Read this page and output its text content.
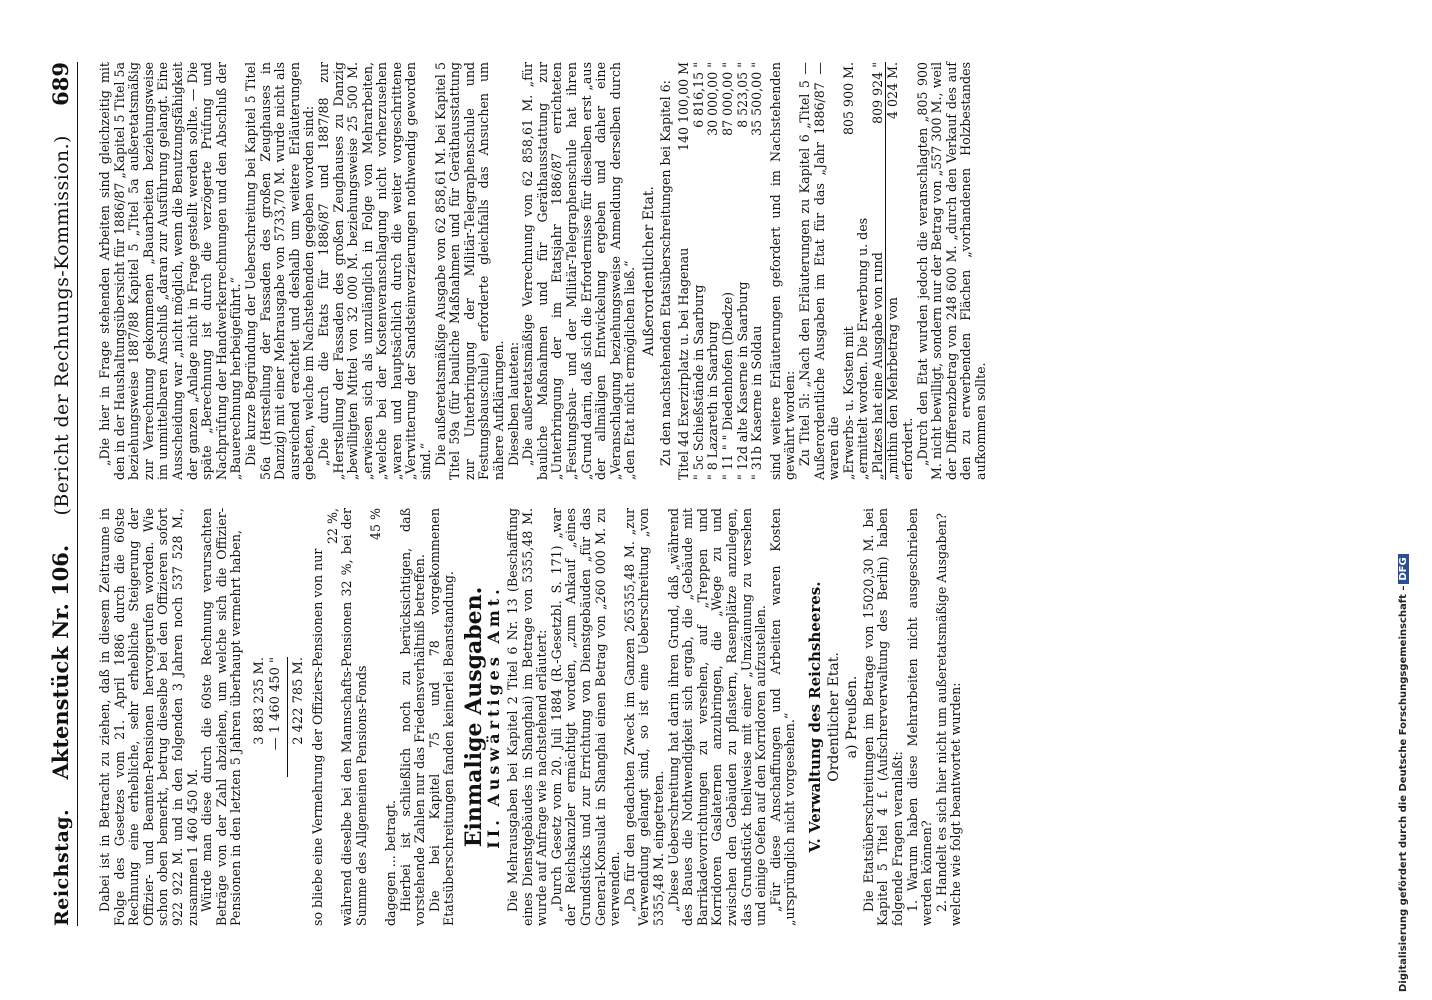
Reichstag.
Aktenstück Nr. 106.
(Bericht der Rechnungs-Kommission.)
689

Dabei ist in Betracht zu ziehen, daß in diesem Zeitraume in Folge des Gesetzes vom 21. April 1886 durch die 60ste Rechnung eine erhebliche, sehr erhebliche Steigerung der Offizier- und Beamten-Pensionen hervorgerufen worden. Wie schon oben bemerkt, betrug dieselbe bei den Offizieren sofort 922 922 M. und in den folgenden 3 Jahren noch 537 528 M., zusammen 1 460 450 M. Würde man diese durch die 60ste Rechnung verursachten Beträge von der Zahl abziehen, um welche sich die Offizier-Pensionen in den letzten 5 Jahren überhaupt vermehrt haben, 3 883 235 M. — 1 460 450 " 2 422 785 M. so bliebe eine Vermehrung der Offiziers-Pensionen von nur

22 %, während dieselbe bei den Mannschafts-Pensionen 32 %, bei der Summe des Allgemeinen Pensions-Fonds

45 %

dagegen ... betragt. Hierbei ist schließlich noch zu berücksichtigen, daß vorstehende Zahlen nur das Friedensverhältniß betreffen. Die bei Kapitel 75 und 78 vorgekommenen Etatsüberschreitungen fanden keinerlei Beanstandung. Einmalige Ausgaben.
II. Auswärtiges Amt. Die Mehrausgaben bei Kapitel 2 Titel 6 Nr. 13 (Beschaffung eines Dienstgebäudes in Shanghai) im Betrage von 5355,48 M. wurde auf Anfrage wie nachstehend erläutert: „Durch Gesetz vom 20. Juli 1884 (R.-Gesetzbl. S. 171) „war der Reichskanzler ermächtigt worden, „zum Ankauf „eines Grundstücks und zur Errichtung von Dienstgebäuden „für das General-Konsulat in Shanghai einen Betrag von „260 000 M. zu verwenden. „Da für den gedachten Zweck im Ganzen 265355,48 M. „zur Verwendung gelangt sind, so ist eine Ueberschreitung „von 5355,48 M. eingetreten. „Diese Ueberschreitung hat darin ihren Grund, daß „während des Baues die Nothwendigkeit sich ergab, die „Gebäude mit Barrikadevorrichtungen zu versehen, auf „Treppen und Korridoren Gaslaternen anzubringen, die „Wege zu und zwischen den Gebäuden zu pflastern, Rasenplätze anzulegen, das Grundstück theilweise mit einer „Umzäunung zu versehen und einige Oefen auf den Korridoren aufzustellen. „Für diese Anschaffungen und Arbeiten waren Kosten „ursprünglich nicht vorgesehen.“ V. Verwaltung des Reichsheeres. Ordentlicher Etat. a) Preußen. Die Etatsüberschreitungen im Betrage von 15020,30 M. bei Kapitel 5 Titel 4 f. (Aufschrerverwaltung des Berlin) haben folgende Fragen veranlaßt: 1. Warum haben diese Mehrarbeiten nicht ausgeschrieben werden können? 2. Handelt es sich hier nicht um außeretatsmäßige Ausgaben? welche wie folgt beantwortet wurden:

„Die hier in Frage stehenden Arbeiten sind gleichzeitig mit den in der Haushaltungsübersicht für 1886/87 „Kapitel 5 Titel 5a beziehungsweise 1887/88 Kapitel 5 „Titel 5a außeretatsmäßig zur Verrechnung gekommenen „Bauarbeiten beziehungsweise im unmittelbaren Anschluß „daran zur Ausführung gelangt. Eine Ausscheidung war „nicht möglich, wenn die Benutzungsfähigkeit der ganzen „Anlage nicht in Frage gestellt werden sollte. — Die späte „Berechnung ist durch die verzögerte Prüfung und Nachprüfung der Handwerkerrechnungen und den Abschluß der „Bauerechnung herbeigeführt.“ Die kurze Begründung der Ueberschreitung bei Kapitel 5 Titel 56a (Herstellung der Fassaden des großen Zeughauses in Danzig) mit einer Mehrausgabe von 5733,70 M. wurde nicht als ausreichend erachtet und deshalb um weitere Erläuterungen gebeten, welche im Nachstehenden gegeben worden sind: „Die durch die Etats für 1886/87 und 1887/88 zur „Herstellung der Fassaden des großen Zeughauses zu Danzig „bewilligten Mittel von 32 000 M. beziehungsweise 25 500 M. „erwiesen sich als unzulänglich in Folge von Mehrarbeiten, „welche bei der Kostenveranschlagung nicht vorherzusehen „waren und hauptsächlich durch die weiter vorgeschrittene „Verwitterung der Sandsteinverzierungen nothwendig geworden sind.“ Die außeretatsmäßige Ausgabe von 62 858,61 M. bei Kapitel 5 Titel 59a (für bauliche Maßnahmen und für Geräthausstattung zur Unterbringung der Militär-Telegraphenschule und Festungsbauschule) erforderte gleichfalls das Ansuchen um nähere Aufklärungen. Dieselben lauteten: „Die außeretatsmäßige Verrechnung von 62 858,61 M. „für bauliche Maßnahmen und für Geräthausstattung zur „Unterbringung der im Etatsjahr 1886/87 errichteten „Festungsbau- und der Militär-Telegraphenschule hat ihren „Grund darin, daß sich die Erfordernisse für dieselben erst „aus der allmäligen Entwickelung ergeben und daher eine „Veranschlagung beziehungsweise Anmeldung derselben durch „den Etat nicht ermöglichen ließ.“ Außerordentlicher Etat. Zu den nachstehenden Etatsüberschreitungen bei Kapitel 6: Titel 4d Exerzirplatz u. bei Hagenau
140 100,00 M
" 5c Schießstände in Saarburg
6 816,15 "
" 8 Lazareth in Saarburg
30 000,00 "
" 11 " " Diedenhofen (Diedze)
87 000,00 "
" 12d alte Kaserne in Saarburg
8 523,05 "
" 31b Kaserne in Soldau
35 500,00 " sind weitere Erläuterungen gefordert und im Nachstehenden gewährt worden: Zu Titel 5l: „Nach den Erläuterungen zu Kapitel 6 „Titel 5 — Außerordentliche Ausgaben im Etat für das „Jahr 1886/87 — waren die „Erwerbs- u. Kosten mit
805 900 M.
„ermittelt worden. Die Erwerbung u. des „Platzes hat eine Ausgabe von rund
809 924 "
„mithin den Mehrbetrag von
4 024 M.
erfordert. „Durch den Etat wurden jedoch die veranschlagten „805 900 M. nicht bewilligt, sondern nur der Betrag von „557 300 M., weil der Differenzbetrag von 248 600 M. „durch den Verkauf des auf den zu erwerbenden Flächen „vorhandenen Holzbestandes aufkommen sollte.

Digitalisierung gefördert durch die Deutsche Forschungsgemeinschaft –DFG
